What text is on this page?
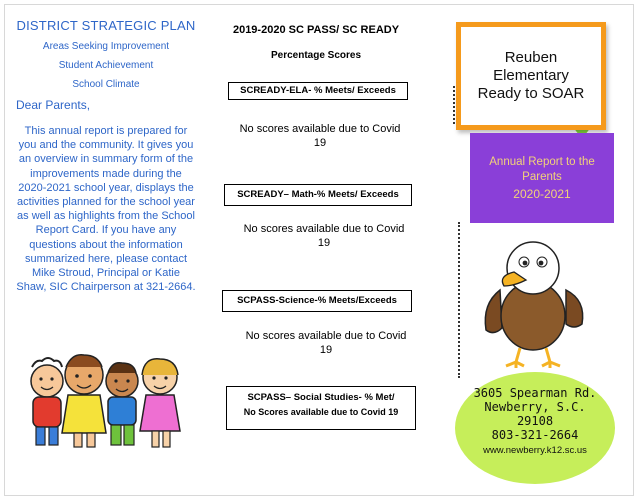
DISTRICT STRATEGIC PLAN
Areas Seeking Improvement
Student Achievement
School Climate
Dear Parents,
This annual report is prepared for you and the community. It gives you an overview in summary form of the improvements made during the 2020-2021 school year, displays the activities planned for the school year as well as highlights from the School Report Card. If you have any questions about the information summarized here, please contact Mike Stroud, Principal or Katie Shaw, SIC Chairperson at 321-2664.
2019-2020 SC PASS/ SC READY
Percentage Scores
SCREADY-ELA- % Meets/ Exceeds
No scores available due to Covid 19
SCREADY– Math-% Meets/ Exceeds
No scores available due to Covid 19
SCPASS-Science-% Meets/Exceeds
No scores available due to Covid 19
SCPASS– Social Studies- % Met/
No Scores available due to Covid 19
Reuben
Elementary
Ready to SOAR
Annual Report to the Parents
2020-2021
3605 Spearman Rd.
Newberry, S.C.
29108
803-321-2664
www.newberry.k12.sc.us
